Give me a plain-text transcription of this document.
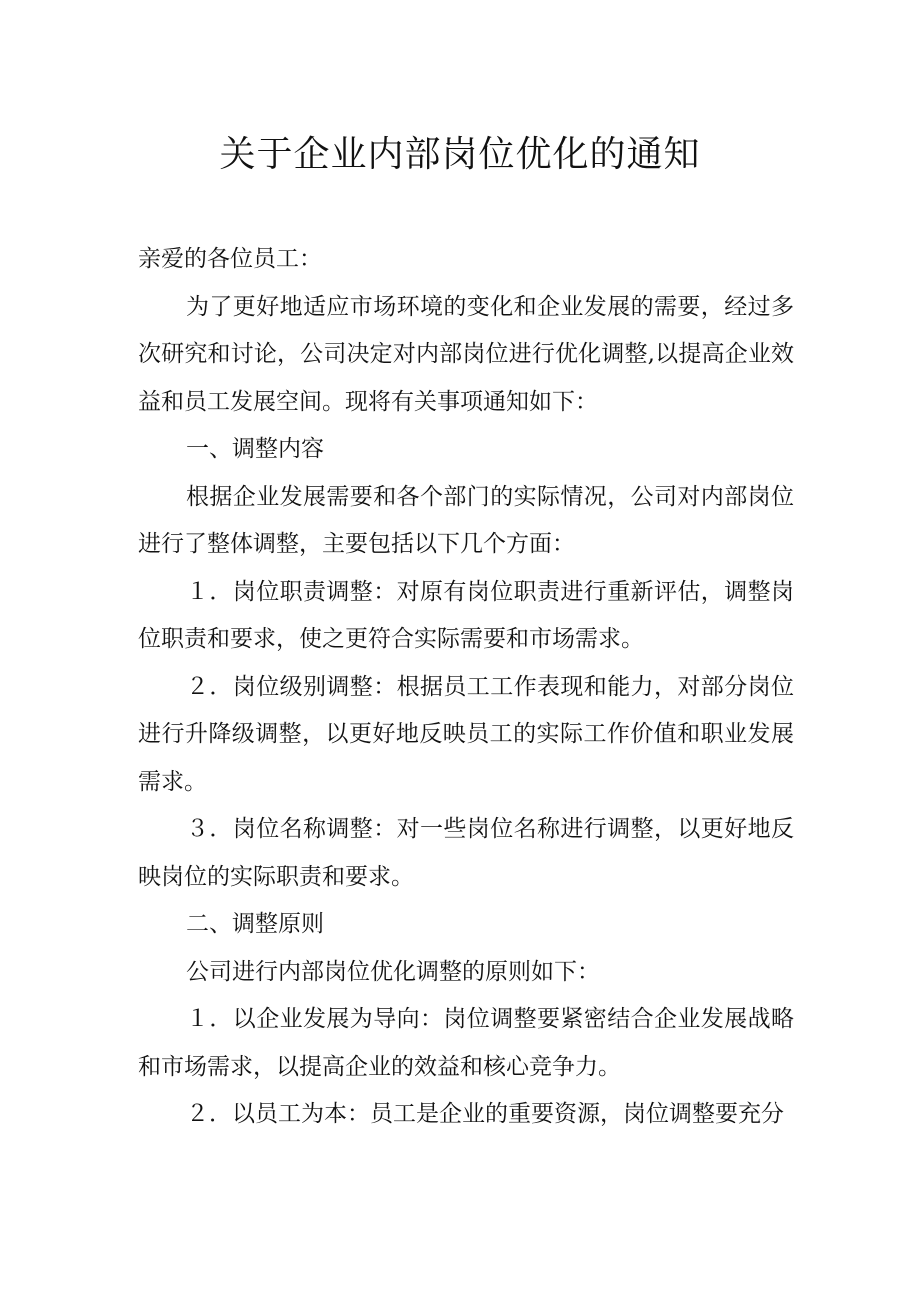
关于企业内部岗位优化的通知

亲爱的各位员工：

为了更好地适应市场环境的变化和企业发展的需要，经过多次研究和讨论，公司决定对内部岗位进行优化调整,以提高企业效益和员工发展空间。现将有关事项通知如下：

一、调整内容

根据企业发展需要和各个部门的实际情况，公司对内部岗位进行了整体调整，主要包括以下几个方面：

１．岗位职责调整：对原有岗位职责进行重新评估，调整岗位职责和要求，使之更符合实际需要和市场需求。

２．岗位级别调整：根据员工工作表现和能力，对部分岗位进行升降级调整，以更好地反映员工的实际工作价值和职业发展需求。

３．岗位名称调整：对一些岗位名称进行调整，以更好地反映岗位的实际职责和要求。

二、调整原则

公司进行内部岗位优化调整的原则如下：

１．以企业发展为导向：岗位调整要紧密结合企业发展战略和市场需求，以提高企业的效益和核心竞争力。

２．以员工为本：员工是企业的重要资源，岗位调整要充分
